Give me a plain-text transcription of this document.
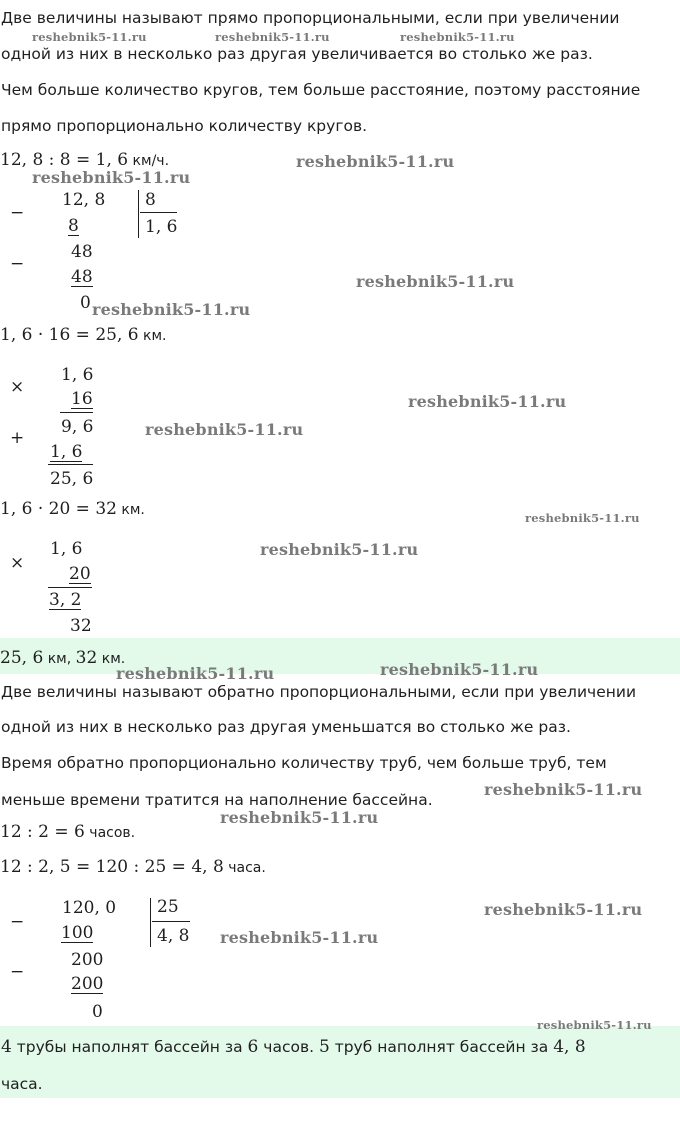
Две величины называют прямо пропорциональными, если при увеличении
одной из них в несколько раз другая увеличивается во столько же раз.
Чем больше количество кругов, тем больше расстояние, поэтому расстояние
прямо пропорционально количеству кругов.
12, 8 : 8 = 1, 6 км/ч.
−
12, 8 8
1, 6
8
−
48
48
0
1, 6 · 16 = 25, 6 км.
×
1, 6
16
9, 6
+
1, 6
25, 6
1, 6 · 20 = 32 км.
×
1, 6
20
3, 2
32
25, 6 км, 32 км.
Две величины называют обратно пропорциональными, если при увеличении
одной из них в несколько раз другая уменьшатся во столько же раз.
Время обратно пропорционально количеству труб, чем больше труб, тем
меньше времени тратится на наполнение бассейна.
12 : 2 = 6 часов.
12 : 2, 5 = 120 : 25 = 4, 8 часа.
−
120, 0 25
4, 8
100
−
200
200
0
4 трубы наполнят бассейн за 6 часов. 5 труб наполнят бассейн за 4, 8
часа.
reshebnik5-11.ru	reshebnik5-11.ru	reshebnik5-11.ru
reshebnik5-11.ru
reshebnik5-11.ru
reshebnik5-11.ru
reshebnik5-11.ru
reshebnik5-11.ru
reshebnik5-11.ru
reshebnik5-11.ru
reshebnik5-11.ru
reshebnik5-11.ru	reshebnik5-11.ru
reshebnik5-11.ru
reshebnik5-11.ru
reshebnik5-11.ru
reshebnik5-11.ru
reshebnik5-11.ru
